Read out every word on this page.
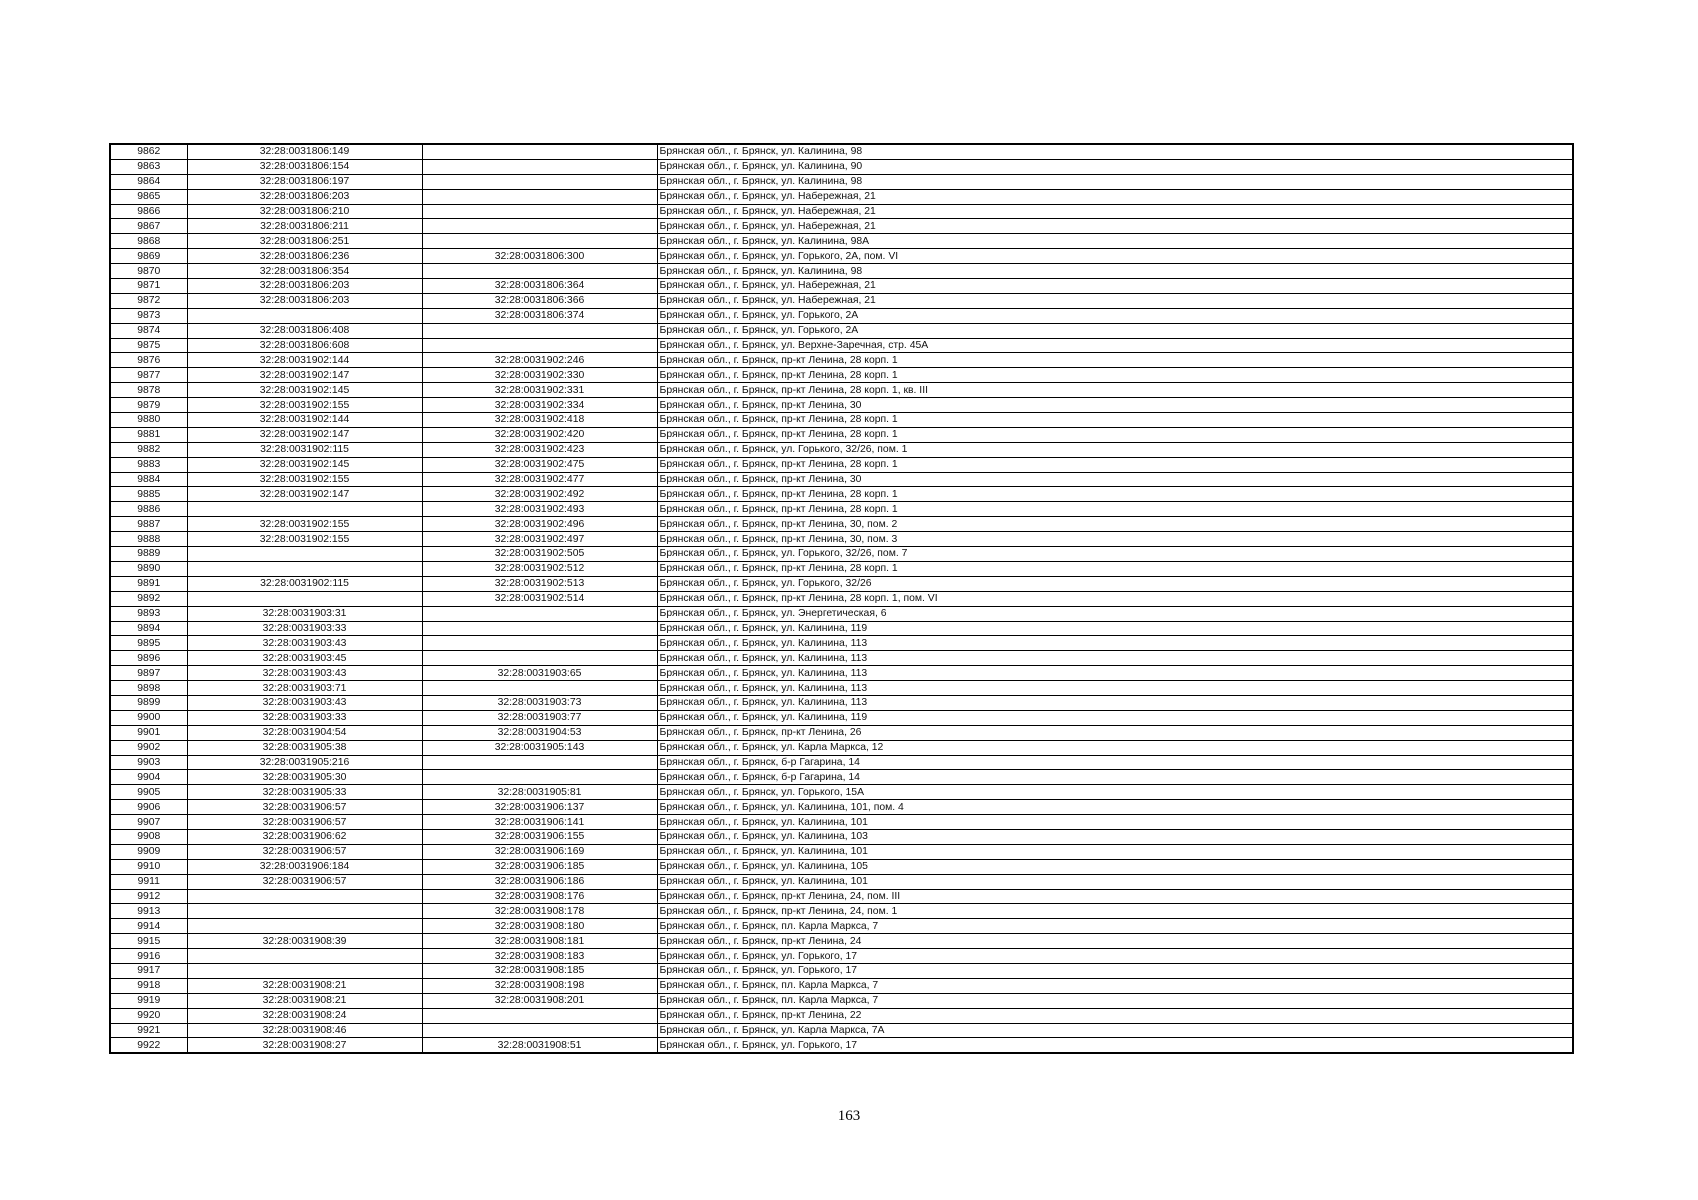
9862	32:28:0031806:149		Брянская обл., г. Брянск, ул. Калинина, 98
9863	32:28:0031806:154		Брянская обл., г. Брянск, ул. Калинина, 90
9864	32:28:0031806:197		Брянская обл., г. Брянск, ул. Калинина, 98
9865	32:28:0031806:203		Брянская обл., г. Брянск, ул. Набережная, 21
9866	32:28:0031806:210		Брянская обл., г. Брянск, ул. Набережная, 21
9867	32:28:0031806:211		Брянская обл., г. Брянск, ул. Набережная, 21
9868	32:28:0031806:251		Брянская обл., г. Брянск, ул. Калинина, 98А
9869	32:28:0031806:236	32:28:0031806:300	Брянская обл., г. Брянск, ул. Горького, 2А, пом. VI
9870	32:28:0031806:354		Брянская обл., г. Брянск, ул. Калинина, 98
9871	32:28:0031806:203	32:28:0031806:364	Брянская обл., г. Брянск, ул. Набережная, 21
9872	32:28:0031806:203	32:28:0031806:366	Брянская обл., г. Брянск, ул. Набережная, 21
9873		32:28:0031806:374	Брянская обл., г. Брянск, ул. Горького, 2А
9874	32:28:0031806:408		Брянская обл., г. Брянск, ул. Горького, 2А
9875	32:28:0031806:608		Брянская обл., г. Брянск, ул. Верхне-Заречная, стр. 45А
9876	32:28:0031902:144	32:28:0031902:246	Брянская обл., г. Брянск, пр-кт Ленина, 28 корп. 1
9877	32:28:0031902:147	32:28:0031902:330	Брянская обл., г. Брянск, пр-кт Ленина, 28 корп. 1
9878	32:28:0031902:145	32:28:0031902:331	Брянская обл., г. Брянск, пр-кт Ленина, 28 корп. 1, кв. III
9879	32:28:0031902:155	32:28:0031902:334	Брянская обл., г. Брянск, пр-кт Ленина, 30
9880	32:28:0031902:144	32:28:0031902:418	Брянская обл., г. Брянск, пр-кт Ленина, 28 корп. 1
9881	32:28:0031902:147	32:28:0031902:420	Брянская обл., г. Брянск, пр-кт Ленина, 28 корп. 1
9882	32:28:0031902:115	32:28:0031902:423	Брянская обл., г. Брянск, ул. Горького, 32/26, пом. 1
9883	32:28:0031902:145	32:28:0031902:475	Брянская обл., г. Брянск, пр-кт Ленина, 28 корп. 1
9884	32:28:0031902:155	32:28:0031902:477	Брянская обл., г. Брянск, пр-кт Ленина, 30
9885	32:28:0031902:147	32:28:0031902:492	Брянская обл., г. Брянск, пр-кт Ленина, 28 корп. 1
9886		32:28:0031902:493	Брянская обл., г. Брянск, пр-кт Ленина, 28 корп. 1
9887	32:28:0031902:155	32:28:0031902:496	Брянская обл., г. Брянск, пр-кт Ленина, 30, пом. 2
9888	32:28:0031902:155	32:28:0031902:497	Брянская обл., г. Брянск, пр-кт Ленина, 30, пом. 3
9889		32:28:0031902:505	Брянская обл., г. Брянск, ул. Горького, 32/26, пом. 7
9890		32:28:0031902:512	Брянская обл., г. Брянск, пр-кт Ленина, 28 корп. 1
9891	32:28:0031902:115	32:28:0031902:513	Брянская обл., г. Брянск, ул. Горького, 32/26
9892		32:28:0031902:514	Брянская обл., г. Брянск, пр-кт Ленина, 28 корп. 1, пом. VI
9893	32:28:0031903:31		Брянская обл., г. Брянск, ул. Энергетическая, 6
9894	32:28:0031903:33		Брянская обл., г. Брянск, ул. Калинина, 119
9895	32:28:0031903:43		Брянская обл., г. Брянск, ул. Калинина, 113
9896	32:28:0031903:45		Брянская обл., г. Брянск, ул. Калинина, 113
9897	32:28:0031903:43	32:28:0031903:65	Брянская обл., г. Брянск, ул. Калинина, 113
9898	32:28:0031903:71		Брянская обл., г. Брянск, ул. Калинина, 113
9899	32:28:0031903:43	32:28:0031903:73	Брянская обл., г. Брянск, ул. Калинина, 113
9900	32:28:0031903:33	32:28:0031903:77	Брянская обл., г. Брянск, ул. Калинина, 119
9901	32:28:0031904:54	32:28:0031904:53	Брянская обл., г. Брянск, пр-кт Ленина, 26
9902	32:28:0031905:38	32:28:0031905:143	Брянская обл., г. Брянск, ул. Карла Маркса, 12
9903	32:28:0031905:216		Брянская обл., г. Брянск, б-р Гагарина, 14
9904	32:28:0031905:30		Брянская обл., г. Брянск, б-р Гагарина, 14
9905	32:28:0031905:33	32:28:0031905:81	Брянская обл., г. Брянск, ул. Горького, 15А
9906	32:28:0031906:57	32:28:0031906:137	Брянская обл., г. Брянск, ул. Калинина, 101, пом. 4
9907	32:28:0031906:57	32:28:0031906:141	Брянская обл., г. Брянск, ул. Калинина, 101
9908	32:28:0031906:62	32:28:0031906:155	Брянская обл., г. Брянск, ул. Калинина, 103
9909	32:28:0031906:57	32:28:0031906:169	Брянская обл., г. Брянск, ул. Калинина, 101
9910	32:28:0031906:184	32:28:0031906:185	Брянская обл., г. Брянск, ул. Калинина, 105
9911	32:28:0031906:57	32:28:0031906:186	Брянская обл., г. Брянск, ул. Калинина, 101
9912		32:28:0031908:176	Брянская обл., г. Брянск, пр-кт Ленина, 24, пом. III
9913		32:28:0031908:178	Брянская обл., г. Брянск, пр-кт Ленина, 24, пом. 1
9914		32:28:0031908:180	Брянская обл., г. Брянск, пл. Карла Маркса, 7
9915	32:28:0031908:39	32:28:0031908:181	Брянская обл., г. Брянск, пр-кт Ленина, 24
9916		32:28:0031908:183	Брянская обл., г. Брянск, ул. Горького, 17
9917		32:28:0031908:185	Брянская обл., г. Брянск, ул. Горького, 17
9918	32:28:0031908:21	32:28:0031908:198	Брянская обл., г. Брянск, пл. Карла Маркса, 7
9919	32:28:0031908:21	32:28:0031908:201	Брянская обл., г. Брянск, пл. Карла Маркса, 7
9920	32:28:0031908:24		Брянская обл., г. Брянск, пр-кт Ленина, 22
9921	32:28:0031908:46		Брянская обл., г. Брянск, ул. Карла Маркса, 7А
9922	32:28:0031908:27	32:28:0031908:51	Брянская обл., г. Брянск, ул. Горького, 17
163
